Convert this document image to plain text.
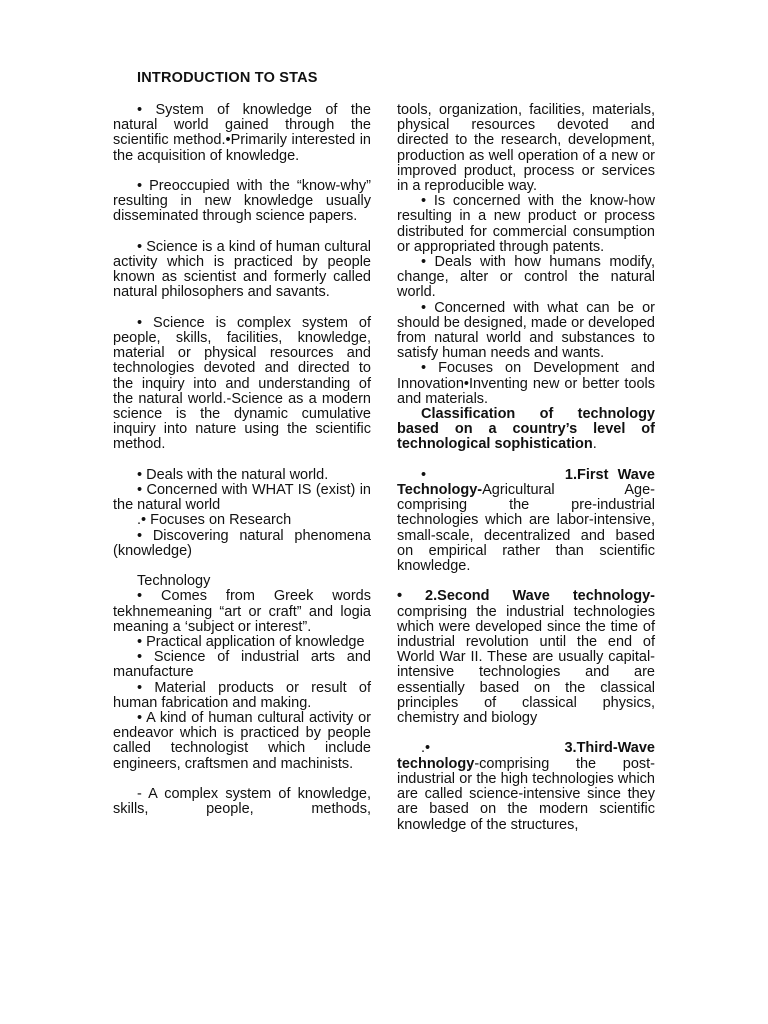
INTRODUCTION TO STAS

• System of knowledge of the natural world gained through the scientific method.•Primarily interested in the acquisition of knowledge.

• Preoccupied with the “know-why” resulting in new knowledge usually disseminated through science papers.

• Science is a kind of human cultural activity which is practiced by people known as scientist and formerly called natural philosophers and savants.

• Science is complex system of people, skills, facilities, knowledge, material or physical resources and technologies devoted and directed to the inquiry into and understanding of the natural world.-Science as a modern science is the dynamic cumulative inquiry into nature using the scientific method.

• Deals with the natural world.

• Concerned with WHAT IS (exist) in the natural world

.• Focuses on Research

• Discovering natural phenomena (knowledge)

Technology

• Comes from Greek words tekhnemeaning “art or craft” and logia meaning a ‘subject or interest”.

• Practical application of knowledge

• Science of industrial arts and manufacture

• Material products or result of human fabrication and making.

• A kind of human cultural activity or endeavor which is practiced by people called technologist which include engineers, craftsmen and machinists.

- A complex system of knowledge, skills, people, methods,

tools, organization, facilities, materials, physical resources devoted and directed to the research, development, production as well operation of a new or improved product, process or services in a reproducible way.

• Is concerned with the know-how resulting in a new product or process distributed for commercial consumption or appropriated through patents.

• Deals with how humans modify, change, alter or control the natural world.

• Concerned with what can be or should be designed, made or developed from natural world and substances to satisfy human needs and wants.

• Focuses on Development and Innovation•Inventing new or better tools and materials.

Classification of technology based on a country’s level of technological sophistication.

•	1.First Wave Technology-Agricultural Age-comprising the pre-industrial technologies which are labor-intensive, small-scale, decentralized and based on empirical rather than scientific knowledge.

• 2.Second Wave technology-comprising the industrial technologies which were developed since the time of industrial revolution until the end of World War II. These are usually capital-intensive technologies and are essentially based on the classical principles of classical physics, chemistry and biology

.•	3.Third-Wave technology-comprising the post-industrial or the high technologies which are called science-intensive since they are based on the modern scientific knowledge of the structures,
